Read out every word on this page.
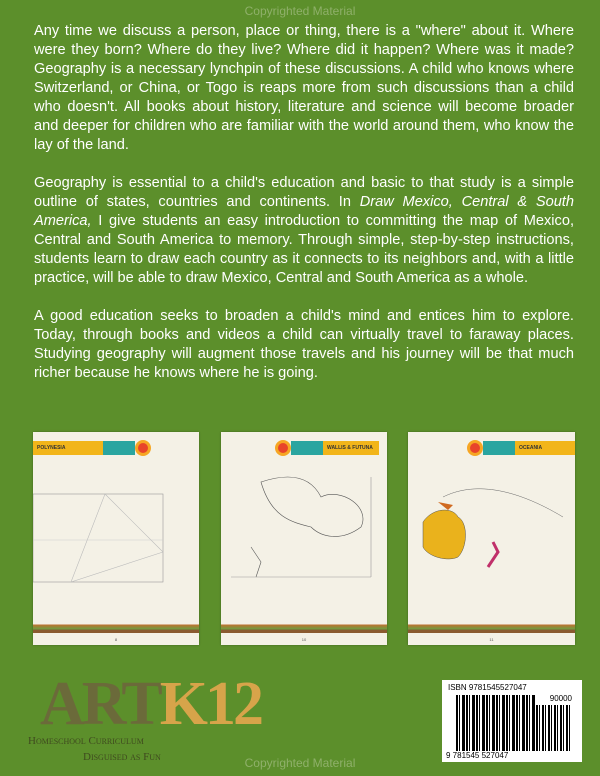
Copyrighted Material

Any time we discuss a person, place or thing, there is a "where" about it. Where were they born? Where do they live? Where did it happen? Where was it made? Geography is a necessary lynchpin of these discussions. A child who knows where Switzerland, or China, or Togo is reaps more from such discussions than a child who doesn't. All books about history, literature and science will become broader and deeper for children who are familiar with the world around them, who know the lay of the land.

Geography is essential to a child's education and basic to that study is a simple outline of states, countries and continents. In Draw Mexico, Central & South America, I give students an easy introduction to committing the map of Mexico, Central and South America to memory. Through simple, step-by-step instructions, students learn to draw each country as it connects to its neighbors and, with a little practice, will be able to draw Mexico, Central and South America as a whole.

A good education seeks to broaden a child's mind and entices him to explore. Today, through books and videos a child can virtually travel to faraway places. Studying geography will augment those travels and his journey will be that much richer because he knows where he is going.

POLYNESIA
8
WALLIS & FUTUNA

10
OCEANIA
11
ARTK12
Homeschool Curriculum
Disguised as Fun	Copyrighted Material
ISBN 9781545527047
90000
9 781545 527047
